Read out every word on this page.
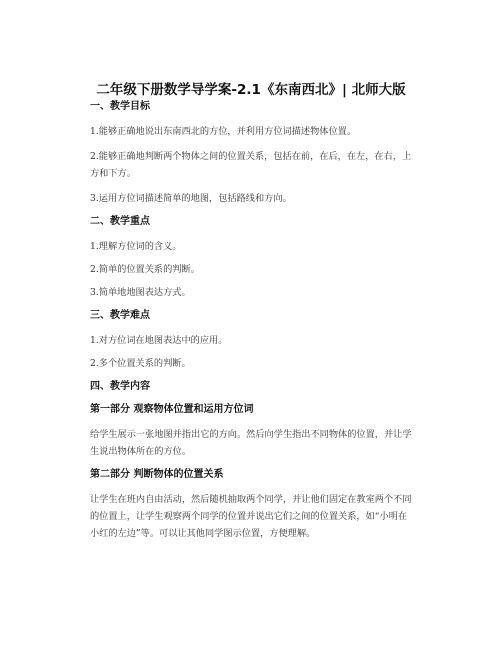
二年级下册数学导学案-2.1《东南西北》| 北师大版
一、教学目标
1.能够正确地说出东南西北的方位，并利用方位词描述物体位置。
2.能够正确地判断两个物体之间的位置关系，包括在前，在后，在左，在右，上方和下方。
3.运用方位词描述简单的地图，包括路线和方向。
二、教学重点
1.理解方位词的含义。
2.简单的位置关系的判断。
3.简单地地图表达方式。
三、教学难点
1.对方位词在地图表达中的应用。
2.多个位置关系的判断。
四、教学内容
第一部分 观察物体位置和运用方位词
给学生展示一张地图并指出它的方向。然后向学生指出不同物体的位置，并让学生说出物体所在的方位。
第二部分 判断物体的位置关系
让学生在班内自由活动，然后随机抽取两个同学，并让他们固定在教室两个不同的位置上，让学生观察两个同学的位置并说出它们之间的位置关系，如“小明在小红的左边”等。可以让其他同学图示位置，方便理解。
